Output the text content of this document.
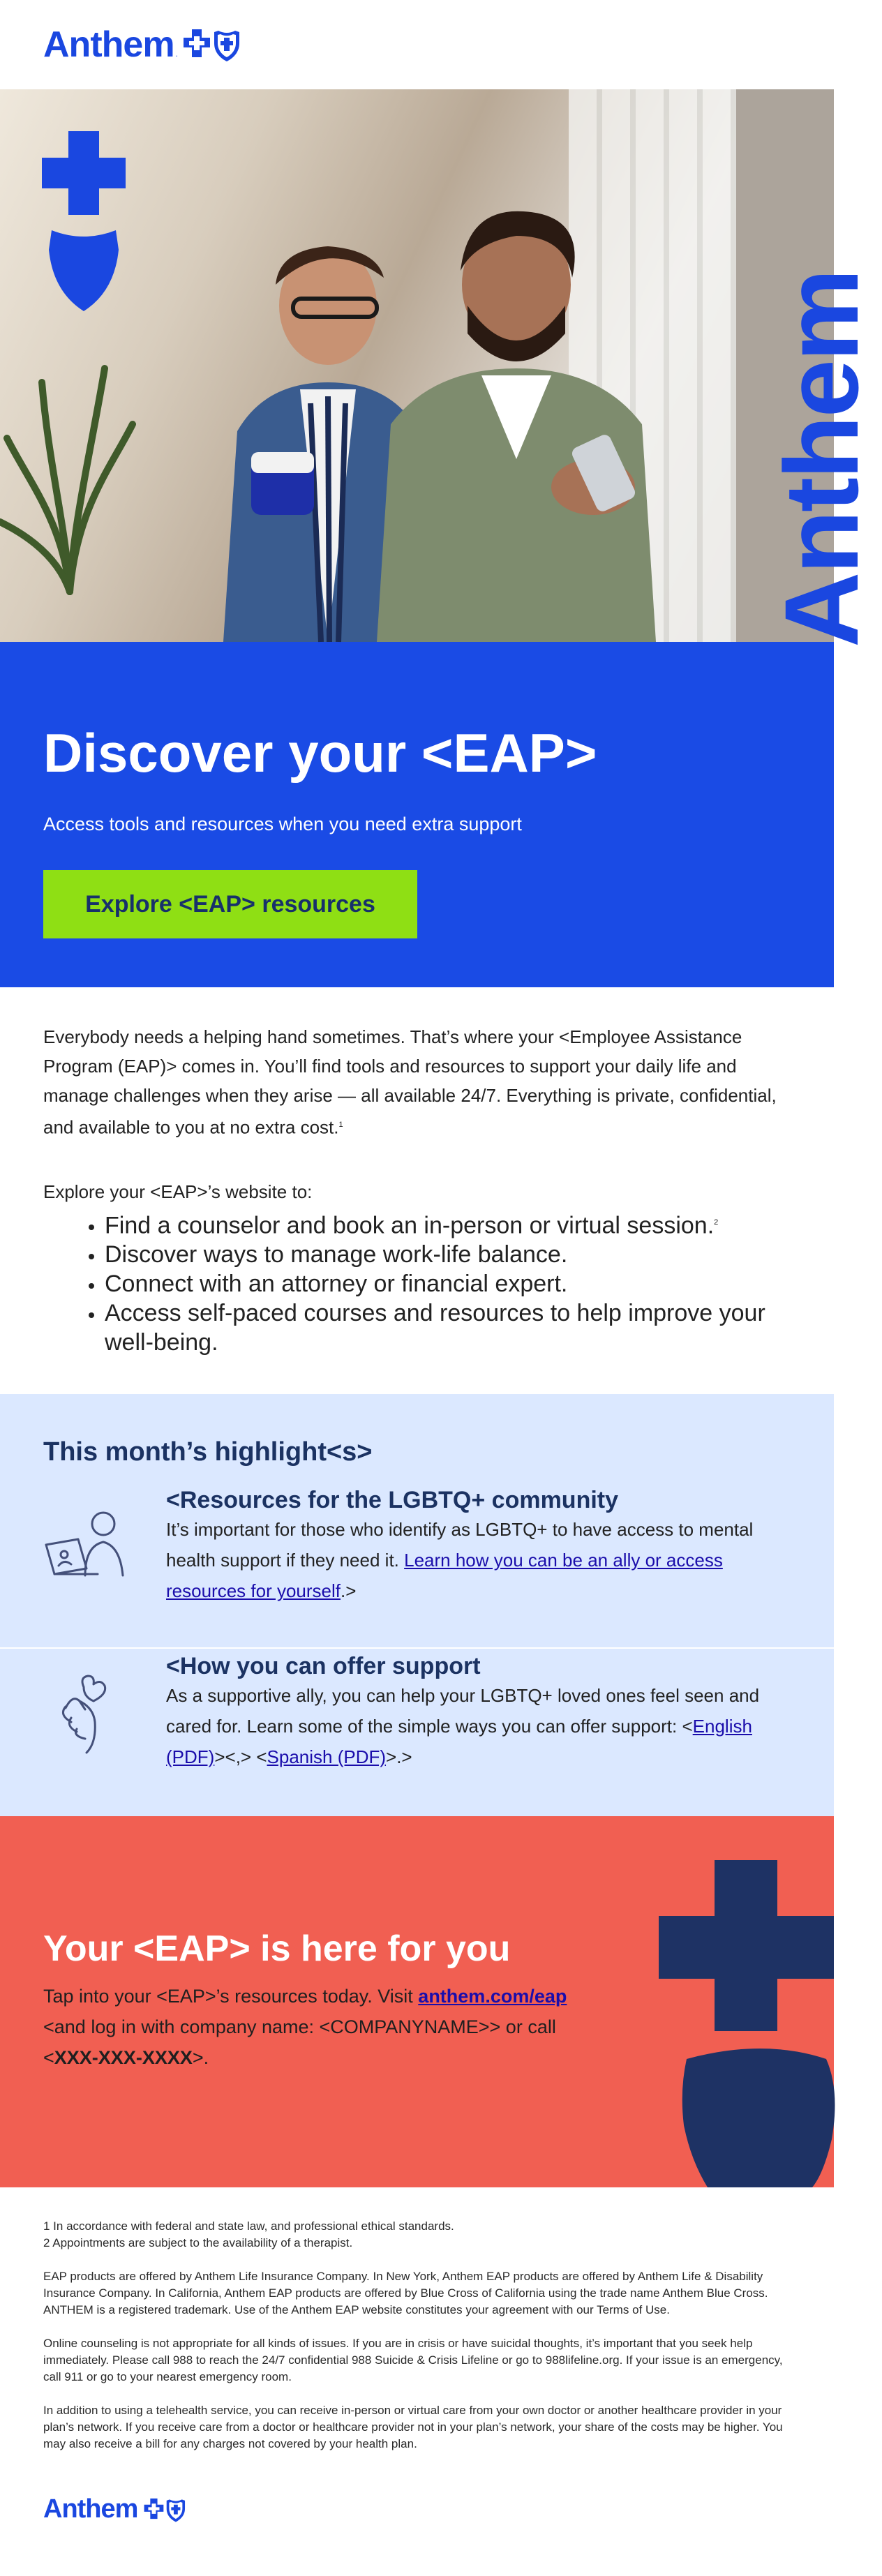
Anthem .
Anthem
Discover your <EAP>

Access tools and resources when you need extra support

Explore <EAP> resources

Everybody needs a helping hand sometimes. That’s where your <Employee Assistance Program (EAP)> comes in. You’ll find tools and resources to support your daily life and manage challenges when they arise — all available 24/7. Everything is private, confidential, and available to you at no extra cost.$^1$

Explore your <EAP>’s website to:

• Find a counselor and book an in-person or virtual session.$^2$
• Discover ways to manage work-life balance.
• Connect with an attorney or financial expert.
• Access self-paced courses and resources to help improve your well-being.
This month’s highlight<s>
<Resources for the LGBTQ+ community

It’s important for those who identify as LGBTQ+ to have access to mental health support if they need it. Learn how you can be an ally or access resources for yourself.>

<How you can offer support

As a supportive ally, you can help your LGBTQ+ loved ones feel seen and cared for. Learn some of the simple ways you can offer support: <English (PDF)><,> <Spanish (PDF)>.>

Your <EAP> is here for you

Tap into your <EAP>’s resources today. Visit anthem.com/eap <and log in with company name: <COMPANYNAME>> or call <XXX-XXX-XXXX>.

1 In accordance with federal and state law, and professional ethical standards.

2 Appointments are subject to the availability of a therapist.

EAP products are offered by Anthem Life Insurance Company. In New York, Anthem EAP products are offered by Anthem Life & Disability Insurance Company. In California, Anthem EAP products are offered by Blue Cross of California using the trade name Anthem Blue Cross. ANTHEM is a registered trademark. Use of the Anthem EAP website constitutes your agreement with our Terms of Use.

Online counseling is not appropriate for all kinds of issues. If you are in crisis or have suicidal thoughts, it’s important that you seek help immediately. Please call 988 to reach the 24/7 confidential 988 Suicide & Crisis Lifeline or go to 988lifeline.org. If your issue is an emergency, call 911 or go to your nearest emergency room.

In addition to using a telehealth service, you can receive in-person or virtual care from your own doctor or another healthcare provider in your plan’s network. If you receive care from a doctor or healthcare provider not in your plan’s network, your share of the costs may be higher. You may also receive a bill for any charges not covered by your health plan.

Anthem
